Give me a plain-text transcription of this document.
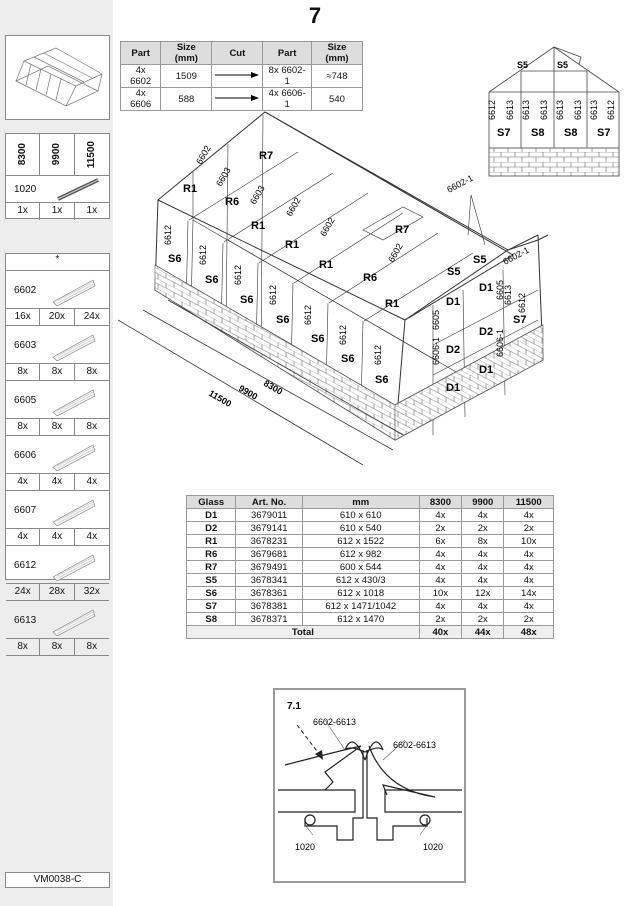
7
8300 9900 11500
1020
1x	1x	1x
*
6602
16x	20x	24x
6603
8x	8x	8x
6605
8x	8x	8x
6606
4x	4x	4x
6607
4x	4x	4x
6612
24x	28x	32x
6613
8x	8x	8x
VM0038-C
Part	Size (mm)	Cut	Part	Size (mm)
4x 6602	1509		8x 6602-1	≈748
4x 6606	588		4x 6606-1	540
S7 S8 S8 S7
S5	S5
6612 6613 6613 6613 6613 6613 6613 6612
S6
S6
S6
S6
S6
S6
S6
R1
R1
R1
R1
R1
R6
R6
R7
R7
D1
D1
D1
D1
D2
D2
S7
S5
S5
6602-1
6602-1
6612
6612
6612
6612
6612
6612
6612
6612
6602
6602
6602
6602
6603
6603
6605
6605
6606-1	6606-1
6613
11500 9900 8300
Glass	Art. No.	mm	8300	9900	11500
D1	3679011	610 x 610	4x	4x	4x
D2	3679141	610 x 540	2x	2x	2x
R1	3678231	612 x 1522	6x	8x	10x
R6	3679681	612 x 982	4x	4x	4x
R7	3679491	600 x 544	4x	4x	4x
S5	3678341	612 x 430/3	4x	4x	4x
S6	3678361	612 x 1018	10x	12x	14x
S7	3678381	612 x 1471/1042	4x	4x	4x
S8	3678371	612 x 1470	2x	2x	2x
Total			40x	44x	48x
7.1
6602-6613
6602-6613
1020	1020
